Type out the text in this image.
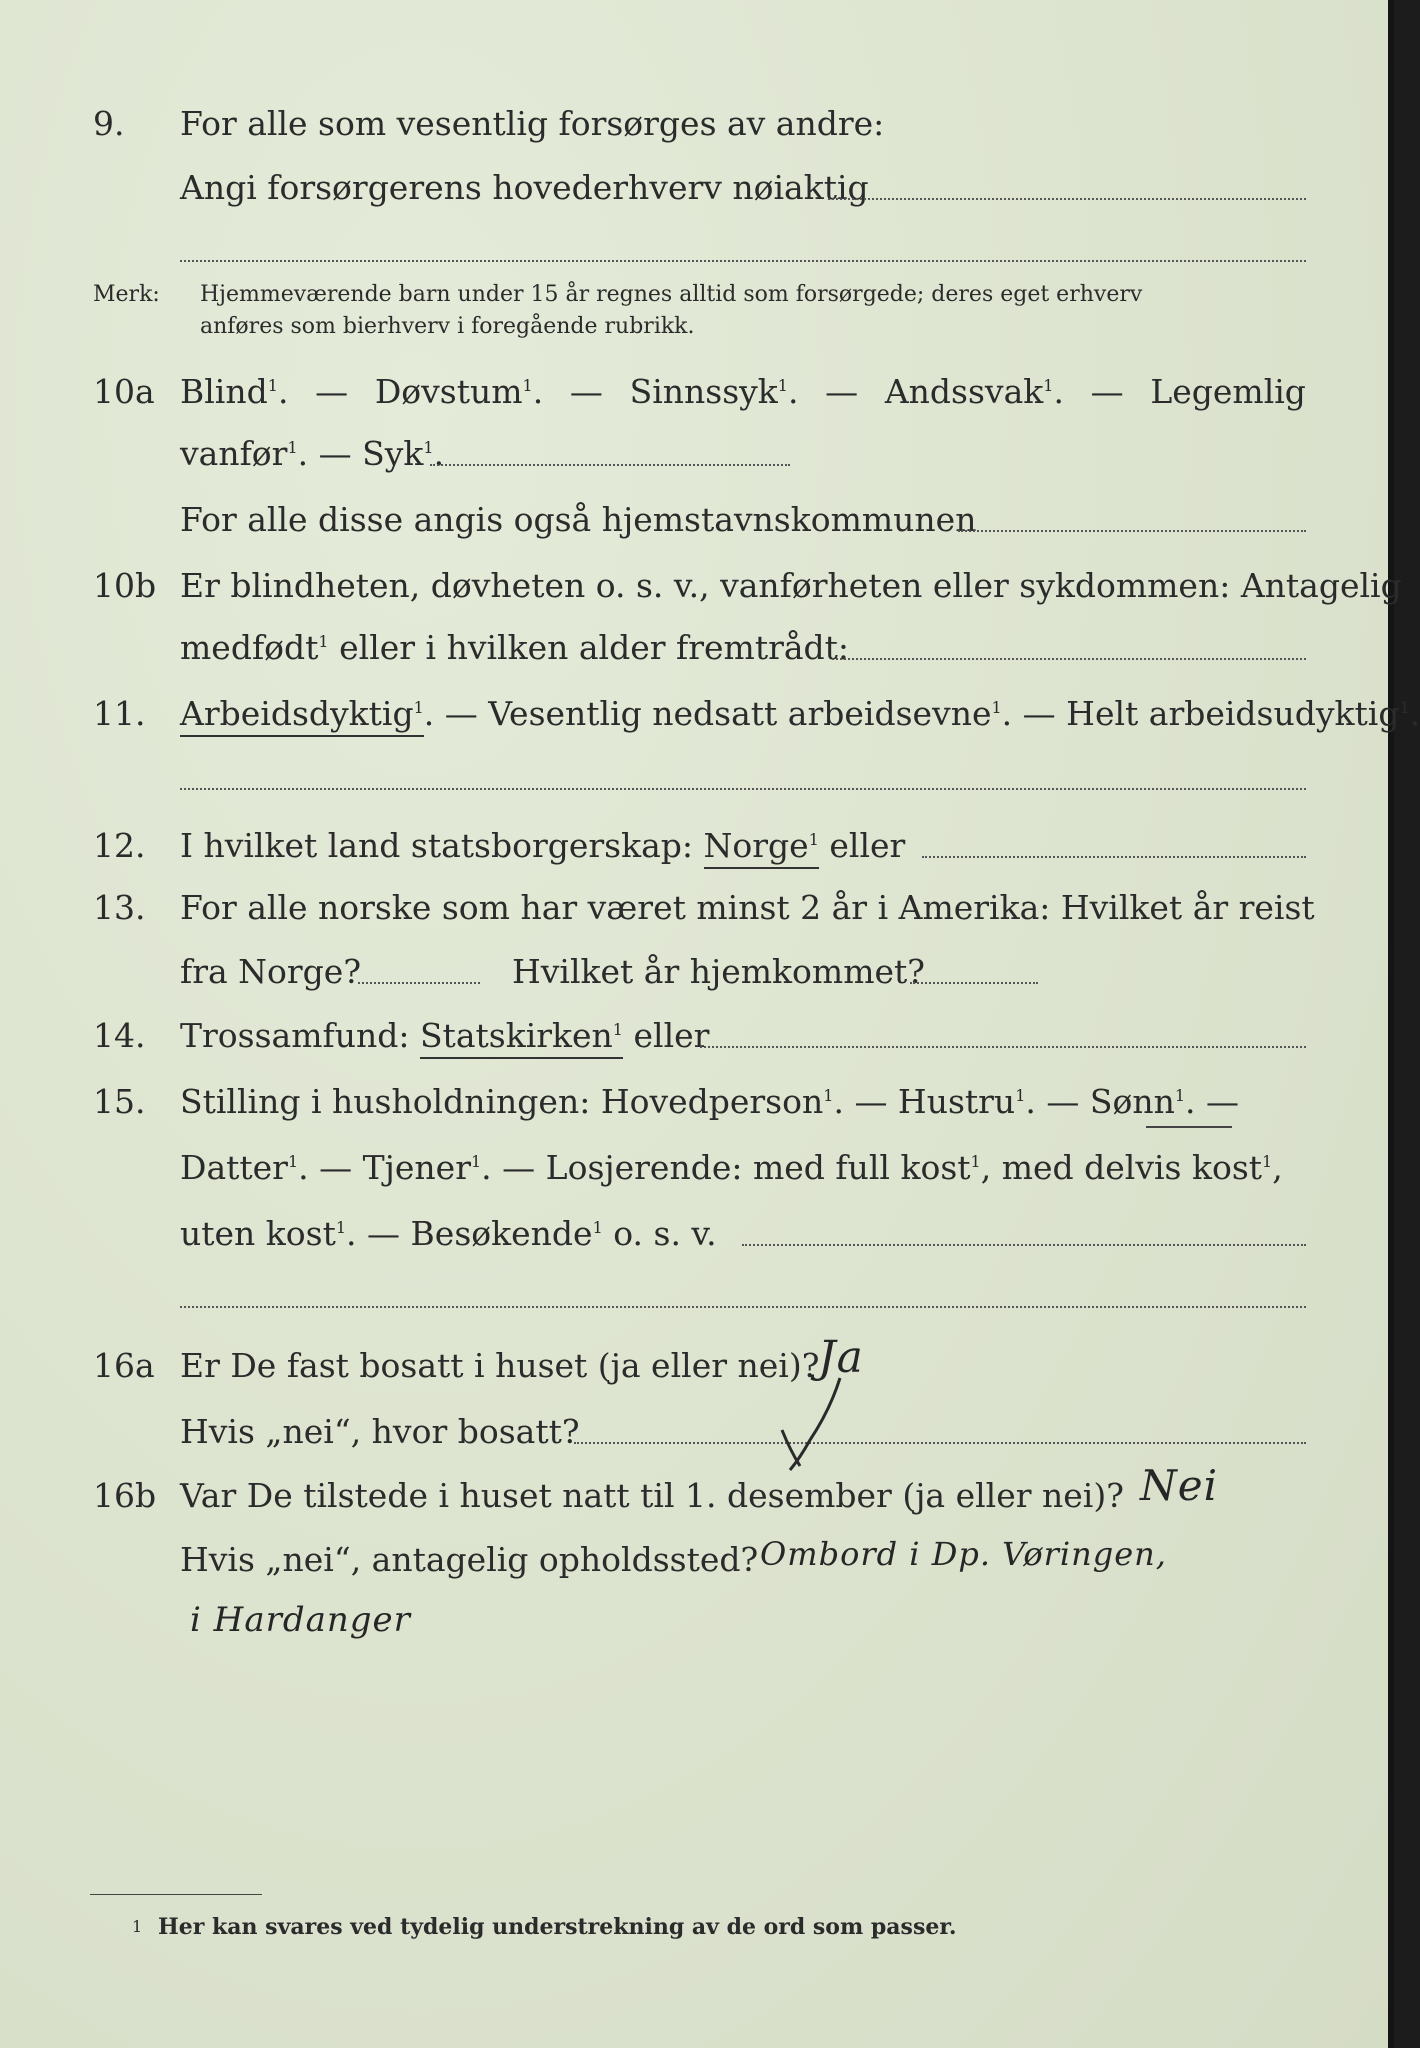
9. For alle som vesentlig forsørges av andre:
Angi forsørgerens hovederhverv nøiaktig
Merk: Hjemmeværende barn under 15 år regnes alltid som forsørgede; deres eget erhverv
anføres som bierhverv i foregående rubrikk.
10a Blind$^1$. — Døvstum$^1$. — Sinnssyk$^1$. — Andssvak$^1$. — Legemlig
vanfør$^1$. — Syk$^1$.
For alle disse angis også hjemstavnskommunen
10b Er blindheten, døvheten o. s. v., vanførheten eller sykdommen: Antagelig
medfødt$^1$ eller i hvilken alder fremtrådt:
11. Arbeidsdyktig$^1$. — Vesentlig nedsatt arbeidsevne$^1$. — Helt arbeidsudyktig$^1$.
12. I hvilket land statsborgerskap: Norge$^1$ eller
13. For alle norske som har været minst 2 år i Amerika: Hvilket år reist
fra Norge?	Hvilket år hjemkommet?
14. Trossamfund: Statskirken$^1$ eller
15. Stilling i husholdningen: Hovedperson$^1$. — Hustru$^1$. — Sønn$^1$. —
Datter$^1$. — Tjener$^1$. — Losjerende: med full kost$^1$, med delvis kost$^1$,
uten kost$^1$. — Besøkende$^1$ o. s. v.
16a Er De fast bosatt i huset (ja eller nei)?
Ja
Hvis „nei“, hvor bosatt?
16b Var De tilstede i huset natt til 1. desember (ja eller nei)? Nei
Hvis „nei“, antagelig opholdssted? Ombord i Dp. Vøringen,
i Hardanger
1 Her kan svares ved tydelig understrekning av de ord som passer.
